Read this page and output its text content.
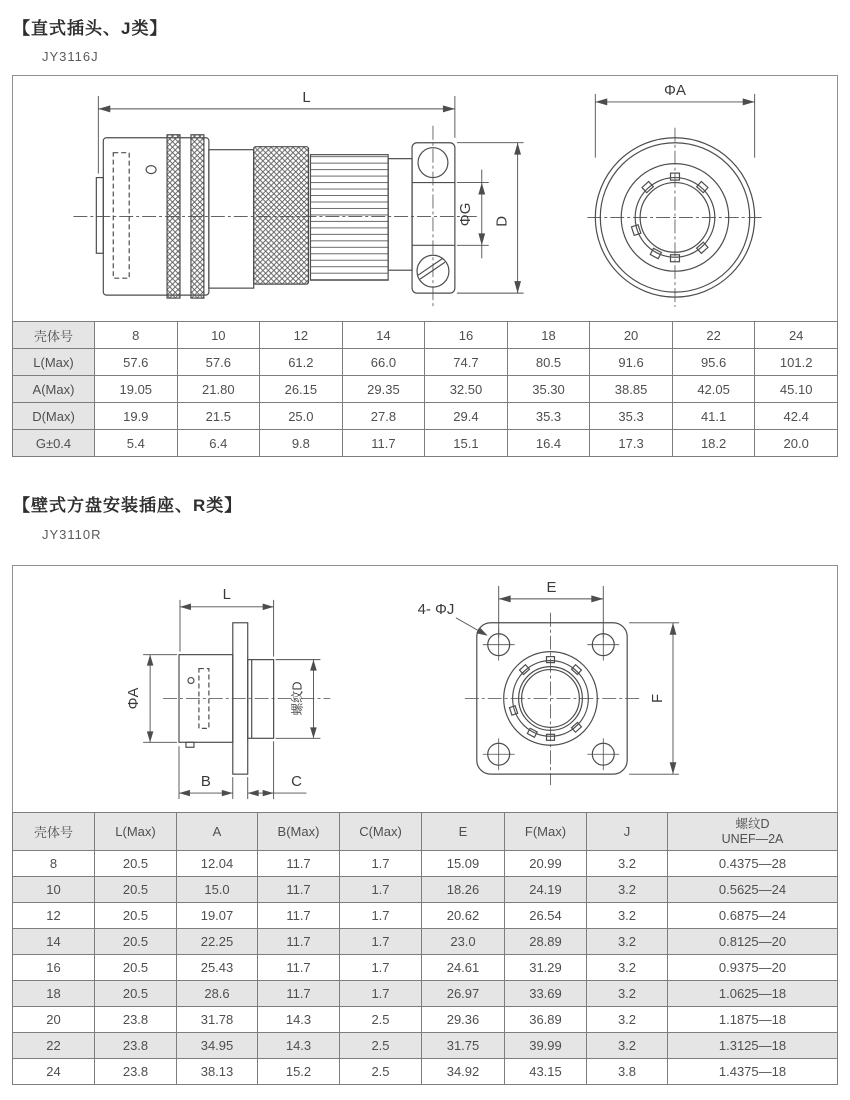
【直式插头、J类】
JY3116J
L
ΦG D
ΦA
壳体号	8	10	12	14	16	18	20	22	24
L(Max)	57.6	57.6	61.2	66.0	74.7	80.5	91.6	95.6	101.2
A(Max)	19.05	21.80	26.15	29.35	32.50	35.30	38.85	42.05	45.10
D(Max)	19.9	21.5	25.0	27.8	29.4	35.3	35.3	41.1	42.4
G±0.4	5.4	6.4	9.8	11.7	15.1	16.4	17.3	18.2	20.0
【壁式方盘安装插座、R类】
JY3110R
L
ΦA	螺纹D
B	C
E
F
4- ΦJ
壳体号	L(Max)	A	B(Max)	C(Max)	E	F(Max)	J	螺纹D
UNEF—2A

8	20.5	12.04	11.7	1.7	15.09	20.99	3.2	0.4375—28
10	20.5	15.0	11.7	1.7	18.26	24.19	3.2	0.5625—24
12	20.5	19.07	11.7	1.7	20.62	26.54	3.2	0.6875—24
14	20.5	22.25	11.7	1.7	23.0	28.89	3.2	0.8125—20
16	20.5	25.43	11.7	1.7	24.61	31.29	3.2	0.9375—20
18	20.5	28.6	11.7	1.7	26.97	33.69	3.2	1.0625—18
20	23.8	31.78	14.3	2.5	29.36	36.89	3.2	1.1875—18
22	23.8	34.95	14.3	2.5	31.75	39.99	3.2	1.3125—18
24	23.8	38.13	15.2	2.5	34.92	43.15	3.8	1.4375—18
